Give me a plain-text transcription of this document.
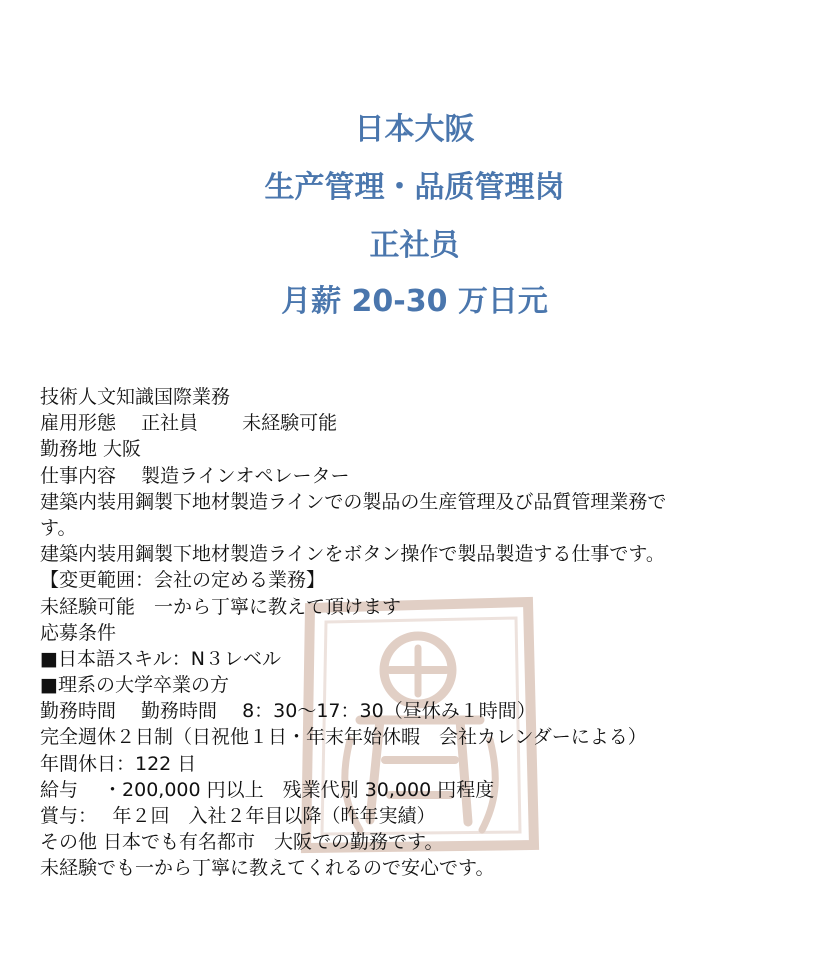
日本大阪
生产管理・品质管理岗
正社员
月薪 20-30 万日元
技術人文知識国際業務
雇用形態　 正社員　　 未経験可能
勤務地 大阪
仕事内容　 製造ラインオペレーター
建築内装用鋼製下地材製造ラインでの製品の生産管理及び品質管理業務で
す。
建築内装用鋼製下地材製造ラインをボタン操作で製品製造する仕事です。
【変更範囲：会社の定める業務】
未経験可能　一から丁寧に教えて頂けます
応募条件
■日本語スキル：N３レベル
■理系の大学卒業の方
勤務時間　 勤務時間　 8：30～17：30（昼休み１時間）
完全週休２日制（日祝他１日・年末年始休暇　会社カレンダーによる）
年間休日：122 日
給与　 ・200,000 円以上　残業代別 30,000 円程度
賞与：　 年２回　入社２年目以降（昨年実績）
その他 日本でも有名都市　大阪での勤務です。
未経験でも一から丁寧に教えてくれるので安心です。
